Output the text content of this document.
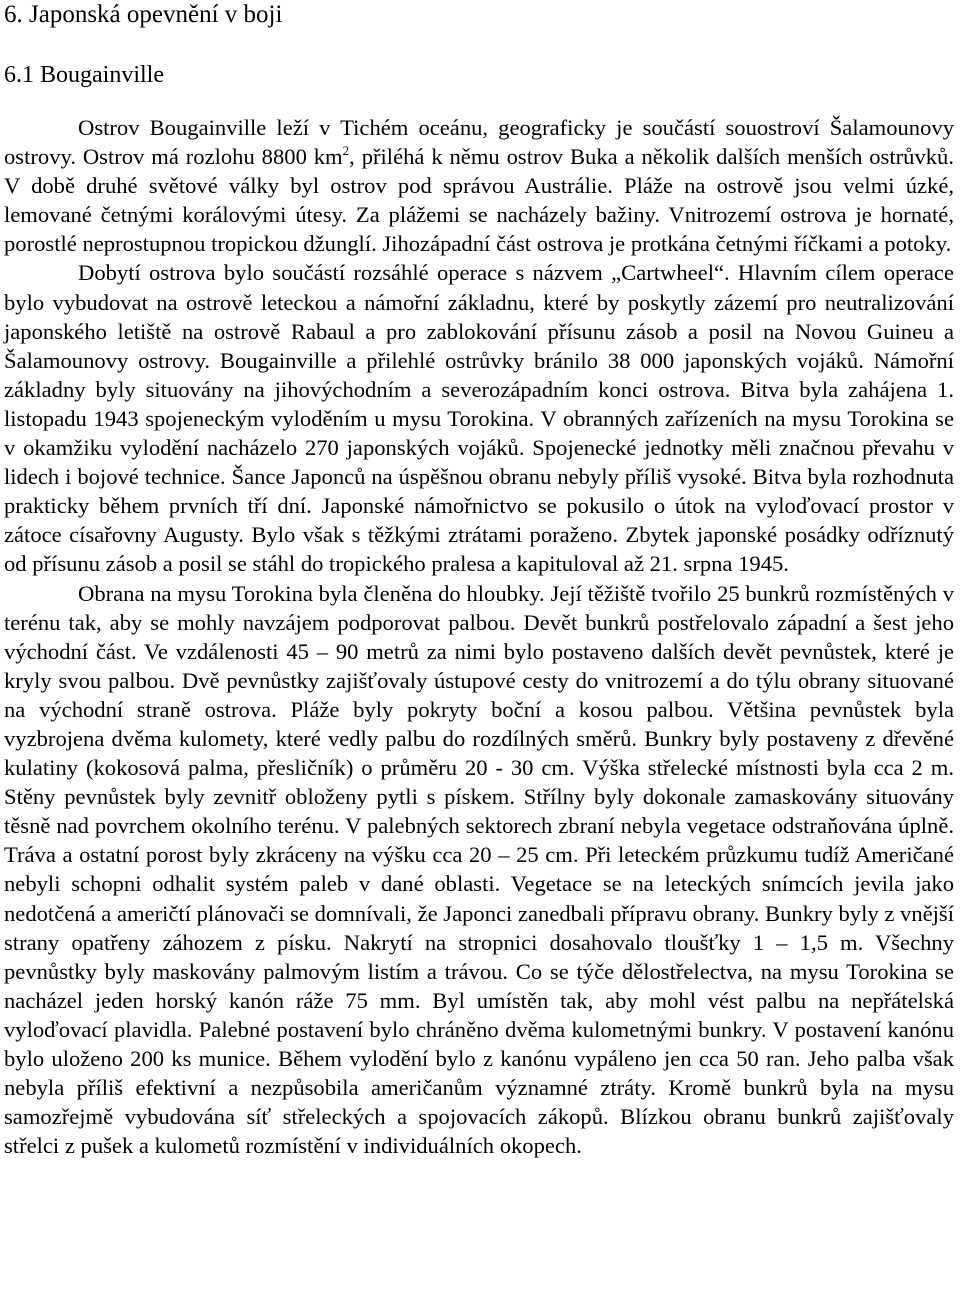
6. Japonská opevnění v boji
6.1 Bougainville

Ostrov Bougainville leží v Tichém oceánu, geograficky je součástí souostroví Šalamounovy ostrovy. Ostrov má rozlohu 8800 $km^2$, přiléhá k němu ostrov Buka a několik dalších menších ostrůvků. V době druhé světové války byl ostrov pod správou Austrálie. Pláže na ostrově jsou velmi úzké, lemované četnými korálovými útesy. Za plážemi se nacházely bažiny. Vnitrozemí ostrova je hornaté, porostlé neprostupnou tropickou džunglí. Jihozápadní část ostrova je protkána četnými říčkami a potoky.

Dobytí ostrova bylo součástí rozsáhlé operace s názvem „Cartwheel“. Hlavním cílem operace bylo vybudovat na ostrově leteckou a námořní základnu, které by poskytly zázemí pro neutralizování japonského letiště na ostrově Rabaul a pro zablokování přísunu zásob a posil na Novou Guineu a Šalamounovy ostrovy. Bougainville a přilehlé ostrůvky bránilo 38 000 japonských vojáků. Námořní základny byly situovány na jihovýchodním a severozápadním konci ostrova. Bitva byla zahájena 1. listopadu 1943 spojeneckým vyloděním u mysu Torokina. V obranných zařízeních na mysu Torokina se v okamžiku vylodění nacházelo 270 japonských vojáků. Spojenecké jednotky měli značnou převahu v lidech i bojové technice. Šance Japonců na úspěšnou obranu nebyly příliš vysoké. Bitva byla rozhodnuta prakticky během prvních tří dní. Japonské námořnictvo se pokusilo o útok na vyloďovací prostor v zátoce císařovny Augusty. Bylo však s těžkými ztrátami poraženo. Zbytek japonské posádky odříznutý od přísunu zásob a posil se stáhl do tropického pralesa a kapituloval až 21. srpna 1945.

Obrana na mysu Torokina byla členěna do hloubky. Její těžiště tvořilo 25 bunkrů rozmístěných v terénu tak, aby se mohly navzájem podporovat palbou. Devět bunkrů postřelovalo západní a šest jeho východní část. Ve vzdálenosti 45 – 90 metrů za nimi bylo postaveno dalších devět pevnůstek, které je kryly svou palbou. Dvě pevnůstky zajišťovaly ústupové cesty do vnitrozemí a do týlu obrany situované na východní straně ostrova. Pláže byly pokryty boční a kosou palbou. Většina pevnůstek byla vyzbrojena dvěma kulomety, které vedly palbu do rozdílných směrů. Bunkry byly postaveny z dřevěné kulatiny (kokosová palma, přesličník) o průměru 20 - 30 cm. Výška střelecké místnosti byla cca 2 m. Stěny pevnůstek byly zevnitř obloženy pytli s pískem. Střílny byly dokonale zamaskovány situovány těsně nad povrchem okolního terénu. V palebných sektorech zbraní nebyla vegetace odstraňována úplně. Tráva a ostatní porost byly zkráceny na výšku cca 20 – 25 cm. Při leteckém průzkumu tudíž Američané nebyli schopni odhalit systém paleb v dané oblasti. Vegetace se na leteckých snímcích jevila jako nedotčená a američtí plánovači se domnívali, že Japonci zanedbali přípravu obrany. Bunkry byly z vnější strany opatřeny záhozem z písku. Nakrytí na stropnici dosahovalo tloušťky 1 – 1,5 m. Všechny pevnůstky byly maskovány palmovým listím a trávou. Co se týče dělostřelectva, na mysu Torokina se nacházel jeden horský kanón ráže 75 mm. Byl umístěn tak, aby mohl vést palbu na nepřátelská vyloďovací plavidla. Palebné postavení bylo chráněno dvěma kulometnými bunkry. V postavení kanónu bylo uloženo 200 ks munice. Během vylodění bylo z kanónu vypáleno jen cca 50 ran. Jeho palba však nebyla příliš efektivní a nezpůsobila američanům významné ztráty. Kromě bunkrů byla na mysu samozřejmě vybudována síť střeleckých a spojovacích zákopů. Blízkou obranu bunkrů zajišťovaly střelci z pušek a kulometů rozmístění v individuálních okopech.
